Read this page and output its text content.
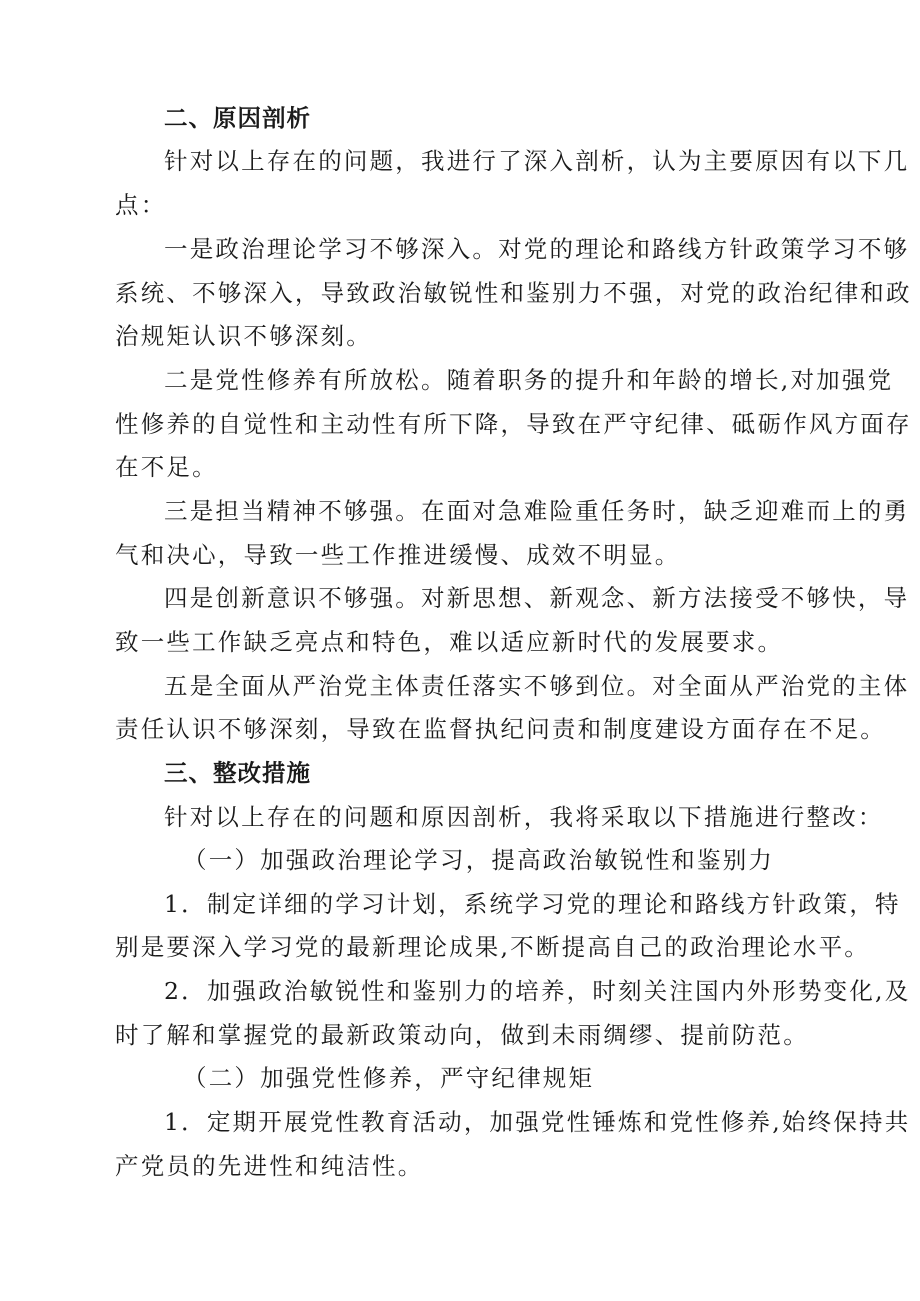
二、原因剖析
针对以上存在的问题，我进行了深入剖析，认为主要原因有以下几
点：
一是政治理论学习不够深入。对党的理论和路线方针政策学习不够
系统、不够深入，导致政治敏锐性和鉴别力不强，对党的政治纪律和政
治规矩认识不够深刻。
二是党性修养有所放松。随着职务的提升和年龄的增长,对加强党
性修养的自觉性和主动性有所下降，导致在严守纪律、砥砺作风方面存
在不足。
三是担当精神不够强。在面对急难险重任务时，缺乏迎难而上的勇
气和决心，导致一些工作推进缓慢、成效不明显。
四是创新意识不够强。对新思想、新观念、新方法接受不够快，导
致一些工作缺乏亮点和特色，难以适应新时代的发展要求。
五是全面从严治党主体责任落实不够到位。对全面从严治党的主体
责任认识不够深刻，导致在监督执纪问责和制度建设方面存在不足。
三、整改措施
针对以上存在的问题和原因剖析，我将采取以下措施进行整改：
（一）加强政治理论学习，提高政治敏锐性和鉴别力
1．制定详细的学习计划，系统学习党的理论和路线方针政策，特
别是要深入学习党的最新理论成果,不断提高自己的政治理论水平。
2．加强政治敏锐性和鉴别力的培养，时刻关注国内外形势变化,及
时了解和掌握党的最新政策动向，做到未雨绸缪、提前防范。
（二）加强党性修养，严守纪律规矩
1．定期开展党性教育活动，加强党性锤炼和党性修养,始终保持共
产党员的先进性和纯洁性。
